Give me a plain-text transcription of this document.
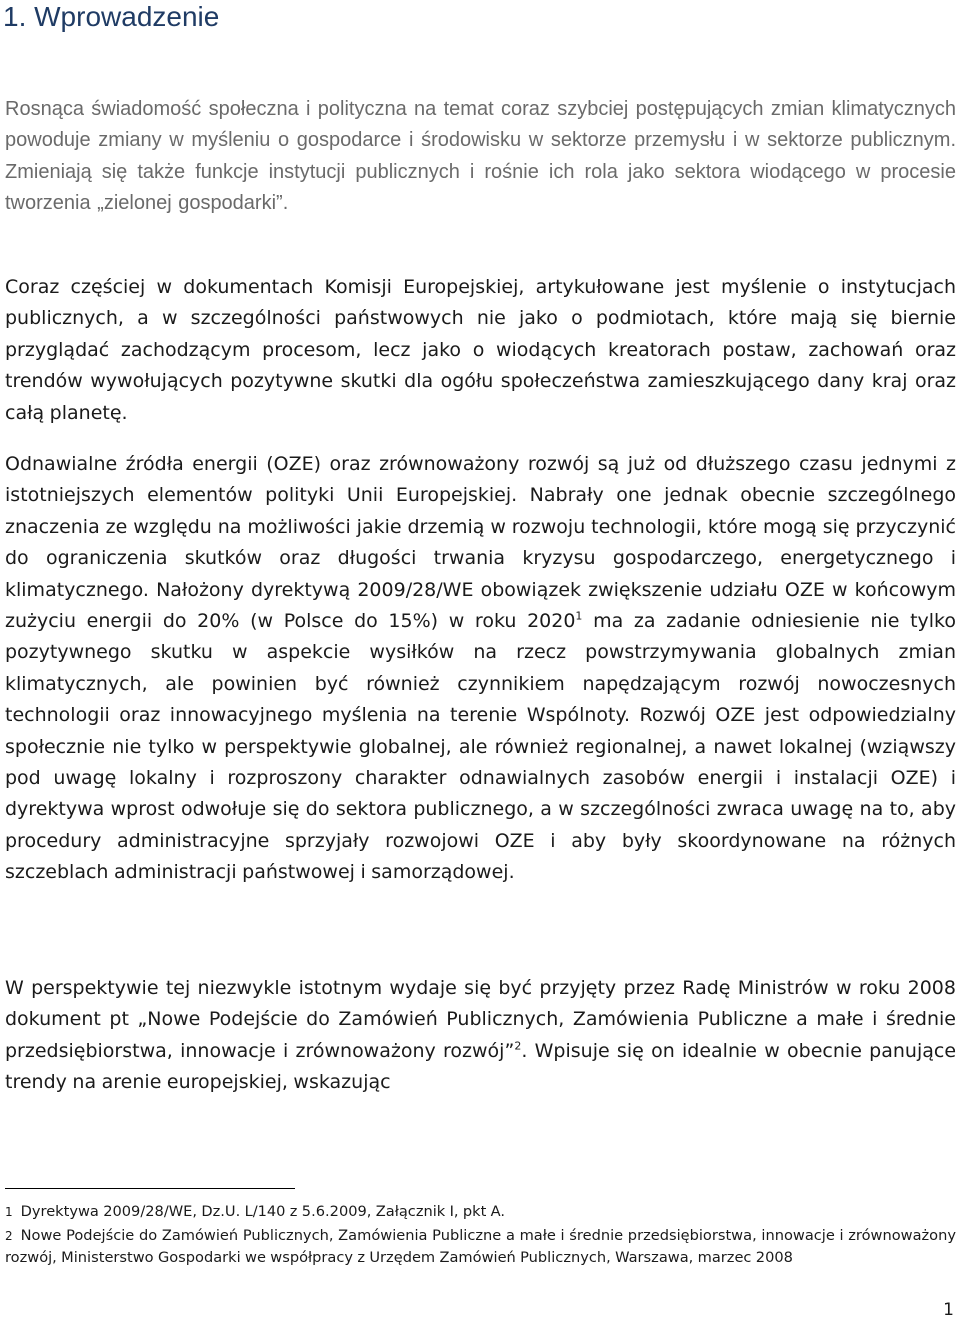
1. Wprowadzenie

Rosnąca świadomość społeczna i polityczna na temat coraz szybciej postępujących zmian klimatycznych powoduje zmiany w myśleniu o gospodarce i środowisku w sektorze przemysłu i w sektorze publicznym. Zmieniają się także funkcje instytucji publicznych i rośnie ich rola jako sektora wiodącego w procesie tworzenia „zielonej gospodarki”.

Coraz częściej w dokumentach Komisji Europejskiej, artykułowane jest myślenie o instytucjach publicznych, a w szczególności państwowych nie jako o podmiotach, które mają się biernie przyglądać zachodzącym procesom, lecz jako o wiodących kreatorach postaw, zachowań oraz trendów wywołujących pozytywne skutki dla ogółu społeczeństwa zamieszkującego dany kraj oraz całą planetę.

Odnawialne źródła energii (OZE) oraz zrównoważony rozwój są już od dłuższego czasu jednymi z istotniejszych elementów polityki Unii Europejskiej. Nabrały one jednak obecnie szczególnego znaczenia ze względu na możliwości jakie drzemią w rozwoju technologii, które mogą się przyczynić do ograniczenia skutków oraz długości trwania kryzysu gospodarczego, energetycznego i klimatycznego. Nałożony dyrektywą 2009/28/WE obowiązek zwiększenie udziału OZE w końcowym zużyciu energii do 20% (w Polsce do 15%) w roku 2020$^1$ ma za zadanie odniesienie nie tylko pozytywnego skutku w aspekcie wysiłków na rzecz powstrzymywania globalnych zmian klimatycznych, ale powinien być również czynnikiem napędzającym rozwój nowoczesnych technologii oraz innowacyjnego myślenia na terenie Wspólnoty. Rozwój OZE jest odpowiedzialny społecznie nie tylko w perspektywie globalnej, ale również regionalnej, a nawet lokalnej (wziąwszy pod uwagę lokalny i rozproszony charakter odnawialnych zasobów energii i instalacji OZE) i dyrektywa wprost odwołuje się do sektora publicznego, a w szczególności zwraca uwagę na to, aby procedury administracyjne sprzyjały rozwojowi OZE i aby były skoordynowane na różnych szczeblach administracji państwowej i samorządowej.

W perspektywie tej niezwykle istotnym wydaje się być przyjęty przez Radę Ministrów w roku 2008 dokument pt „Nowe Podejście do Zamówień Publicznych, Zamówienia Publiczne a małe i średnie przedsiębiorstwa, innowacje i zrównoważony rozwój”$^2$. Wpisuje się on idealnie w obecnie panujące trendy na arenie europejskiej, wskazując

1 Dyrektywa 2009/28/WE, Dz.U. L/140 z 5.6.2009, Załącznik I, pkt A.

2 Nowe Podejście do Zamówień Publicznych, Zamówienia Publiczne a małe i średnie przedsiębiorstwa, innowacje i zrównoważony rozwój, Ministerstwo Gospodarki we współpracy z Urzędem Zamówień Publicznych, Warszawa, marzec 2008

1
